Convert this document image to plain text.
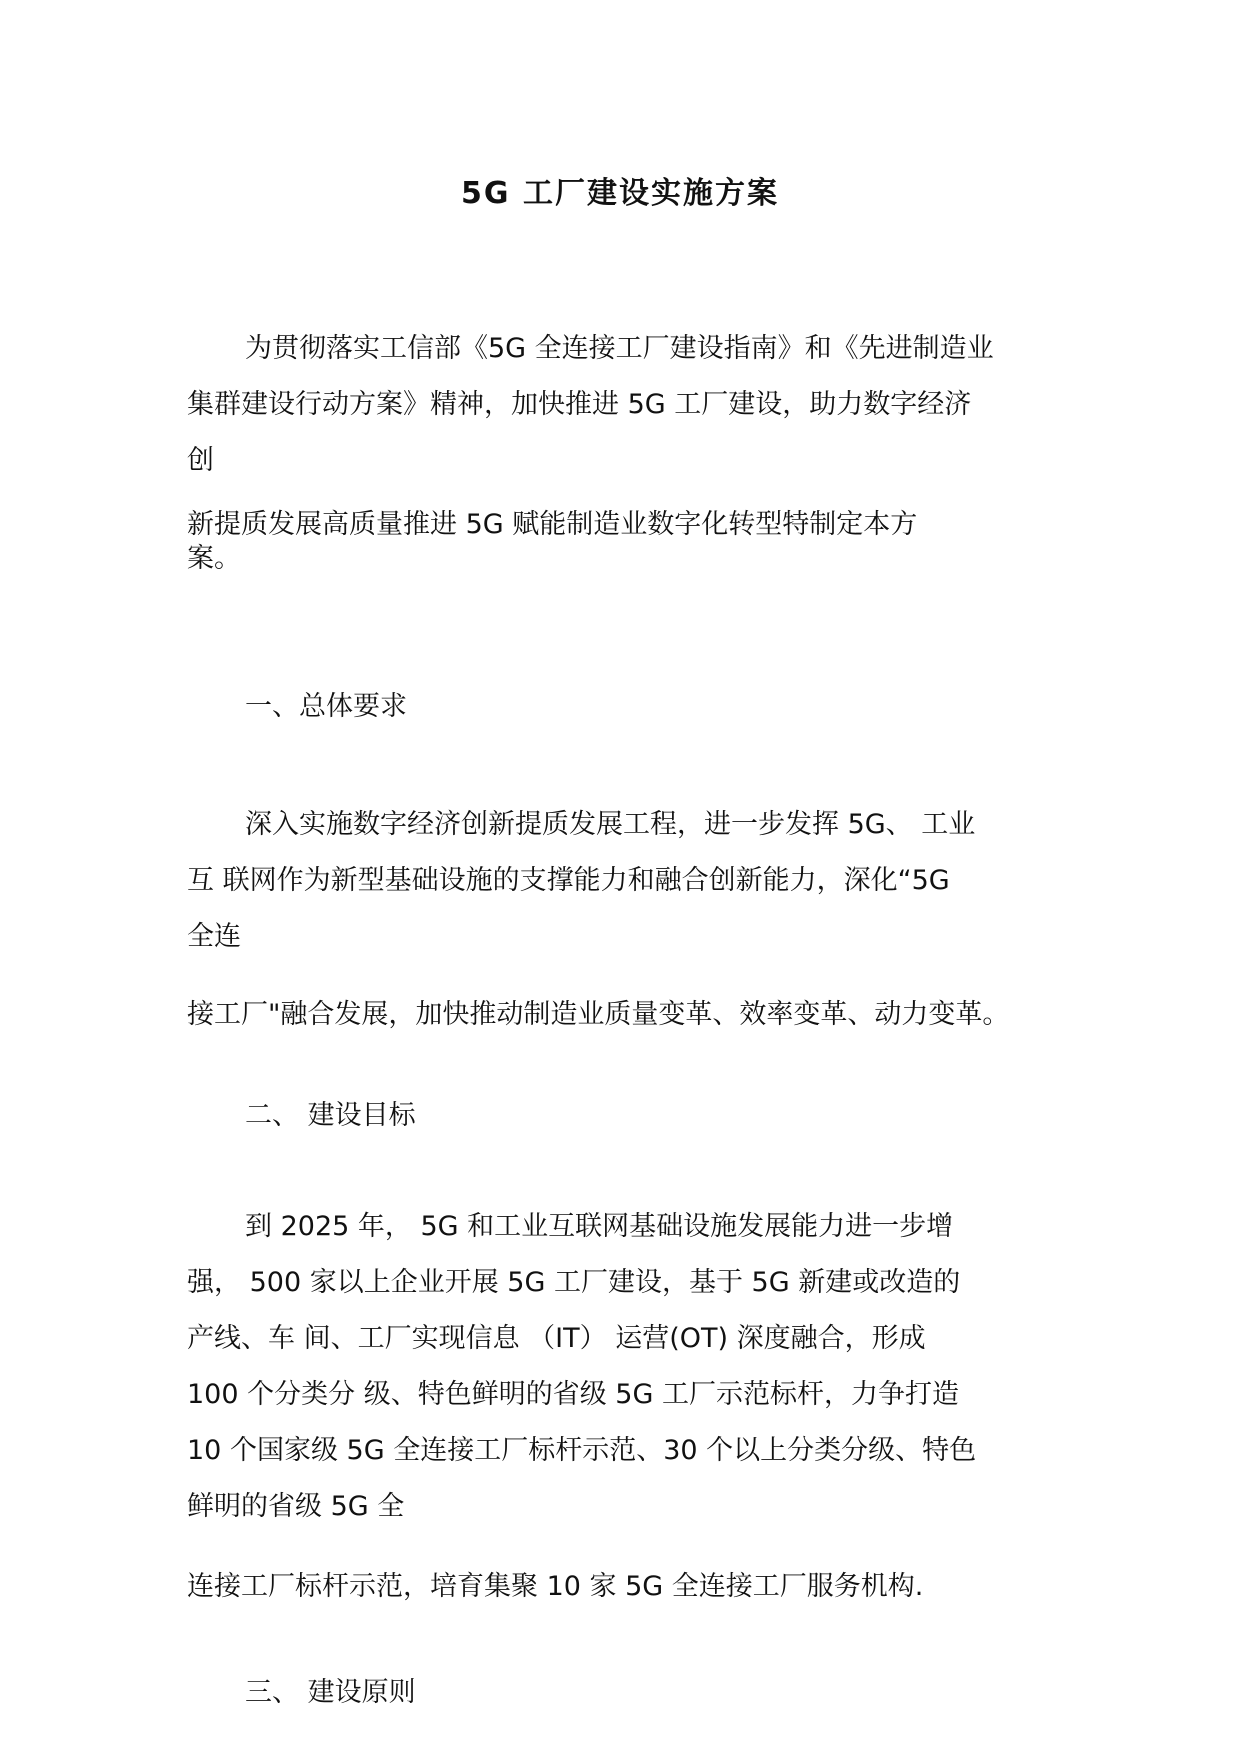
5G 工厂建设实施方案
为贯彻落实工信部《5G 全连接工厂建设指南》和《先进制造业
集群建设行动方案》精神，加快推进 5G 工厂建设，助力数字经济
创
新提质发展高质量推进 5G 赋能制造业数字化转型特制定本方
案。
一、总体要求
深入实施数字经济创新提质发展工程，进一步发挥 5G、 工业
互 联网作为新型基础设施的支撑能力和融合创新能力，深化“5G
全连
接工厂"融合发展，加快推动制造业质量变革、效率变革、动力变革。
二、 建设目标
到 2025 年， 5G 和工业互联网基础设施发展能力进一步增
强， 500 家以上企业开展 5G 工厂建设，基于 5G 新建或改造的
产线、车 间、工厂实现信息 （IT） 运营(OT) 深度融合，形成
100 个分类分 级、特色鲜明的省级 5G 工厂示范标杆，力争打造
10 个国家级 5G 全连接工厂标杆示范、30 个以上分类分级、特色
鲜明的省级 5G 全
连接工厂标杆示范，培育集聚 10 家 5G 全连接工厂服务机构.
三、 建设原则
